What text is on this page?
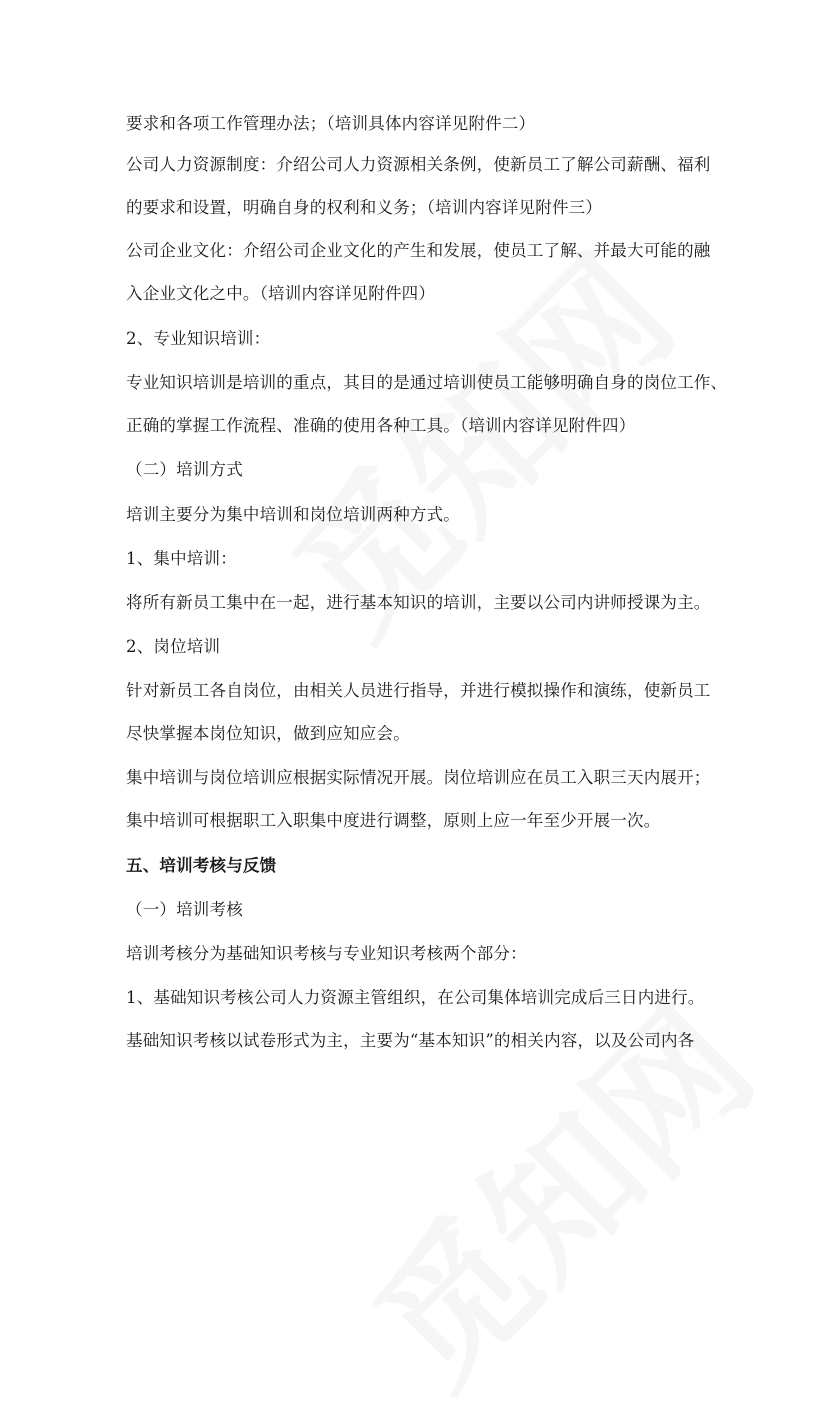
要求和各项工作管理办法；（培训具体内容详见附件二）
公司人力资源制度：介绍公司人力资源相关条例，使新员工了解公司薪酬、福利
的要求和设置，明确自身的权利和义务；（培训内容详见附件三）
公司企业文化：介绍公司企业文化的产生和发展，使员工了解、并最大可能的融
入企业文化之中。（培训内容详见附件四）
2、专业知识培训：
专业知识培训是培训的重点，其目的是通过培训使员工能够明确自身的岗位工作、
正确的掌握工作流程、准确的使用各种工具。（培训内容详见附件四）
（二）培训方式
培训主要分为集中培训和岗位培训两种方式。
1、集中培训：
将所有新员工集中在一起，进行基本知识的培训，主要以公司内讲师授课为主。
2、岗位培训
针对新员工各自岗位，由相关人员进行指导，并进行模拟操作和演练，使新员工
尽快掌握本岗位知识，做到应知应会。
集中培训与岗位培训应根据实际情况开展。岗位培训应在员工入职三天内展开；
集中培训可根据职工入职集中度进行调整，原则上应一年至少开展一次。
五、培训考核与反馈
（一）培训考核
培训考核分为基础知识考核与专业知识考核两个部分：
1、基础知识考核公司人力资源主管组织，在公司集体培训完成后三日内进行。
基础知识考核以试卷形式为主，主要为“基本知识”的相关内容，以及公司内各
